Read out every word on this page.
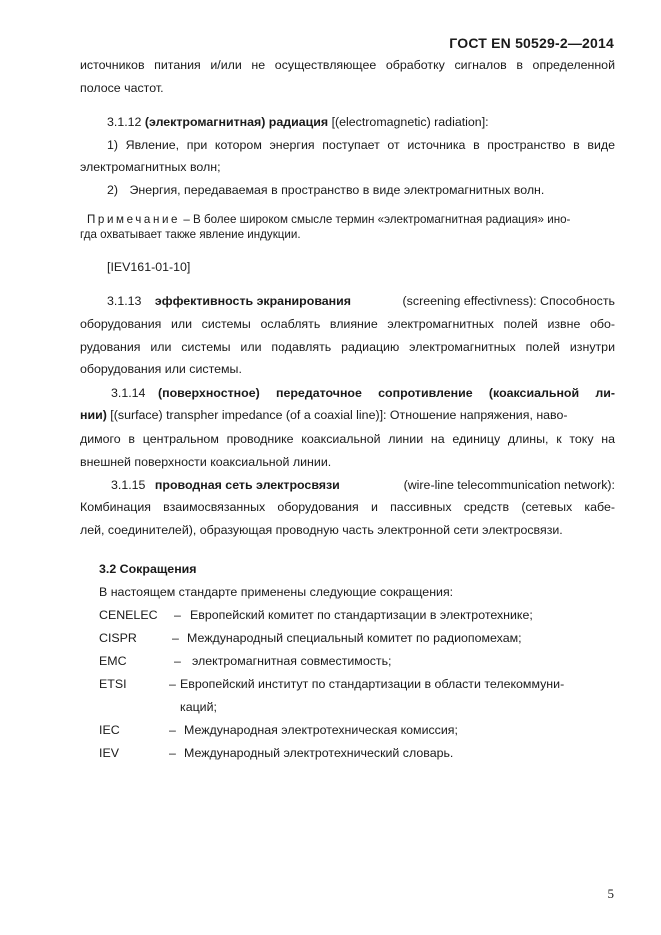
ГОСТ EN 50529-2—2014
источников питания и/или не осуществляющее обработку сигналов в определенной
полосе частот.
3.1.12 (электромагнитная) радиация [(electromagnetic) radiation]:
1) Явление, при котором энергия поступает от источника в пространство в виде
электромагнитных волн;
2) Энергия, передаваемая в пространство в виде электромагнитных волн.
Примечание – В более широком смысле термин «электромагнитная радиация» ино-
гда охватывает также явление индукции.
[IEV161-01-10]
3.1.13 эффективность экранирования	(screening effectivness): Способность
оборудования или системы ослаблять влияние электромагнитных полей извне обо-
рудования или системы или подавлять радиацию электромагнитных полей изнутри
оборудования или системы.
3.1.14 (поверхностное) передаточное сопротивление (коаксиальной ли-
нии) [(surface) transpher impedance (of a coaxial line)]: Отношение напряжения, наво-
димого в центральном проводнике коаксиальной линии на единицу длины, к току на
внешней поверхности коаксиальной линии.
3.1.15 проводная сеть электросвязи	(wire-line telecommunication network):
Комбинация взаимосвязанных оборудования и пассивных средств (сетевых кабе-
лей, соединителей), образующая проводную часть электронной сети электросвязи.
3.2 Сокращения
В настоящем стандарте применены следующие сокращения:
CENELEC – Европейский комитет по стандартизации в электротехнике;
CISPR	– Международный специальный комитет по радиопомехам;
EMC	– электромагнитная совместимость;
ETSI	– Европейский институт по стандартизации в области телекоммуни-
каций;
IEC	– Международная электротехническая комиссия;
IEV	– Международный электротехнический словарь.
5
